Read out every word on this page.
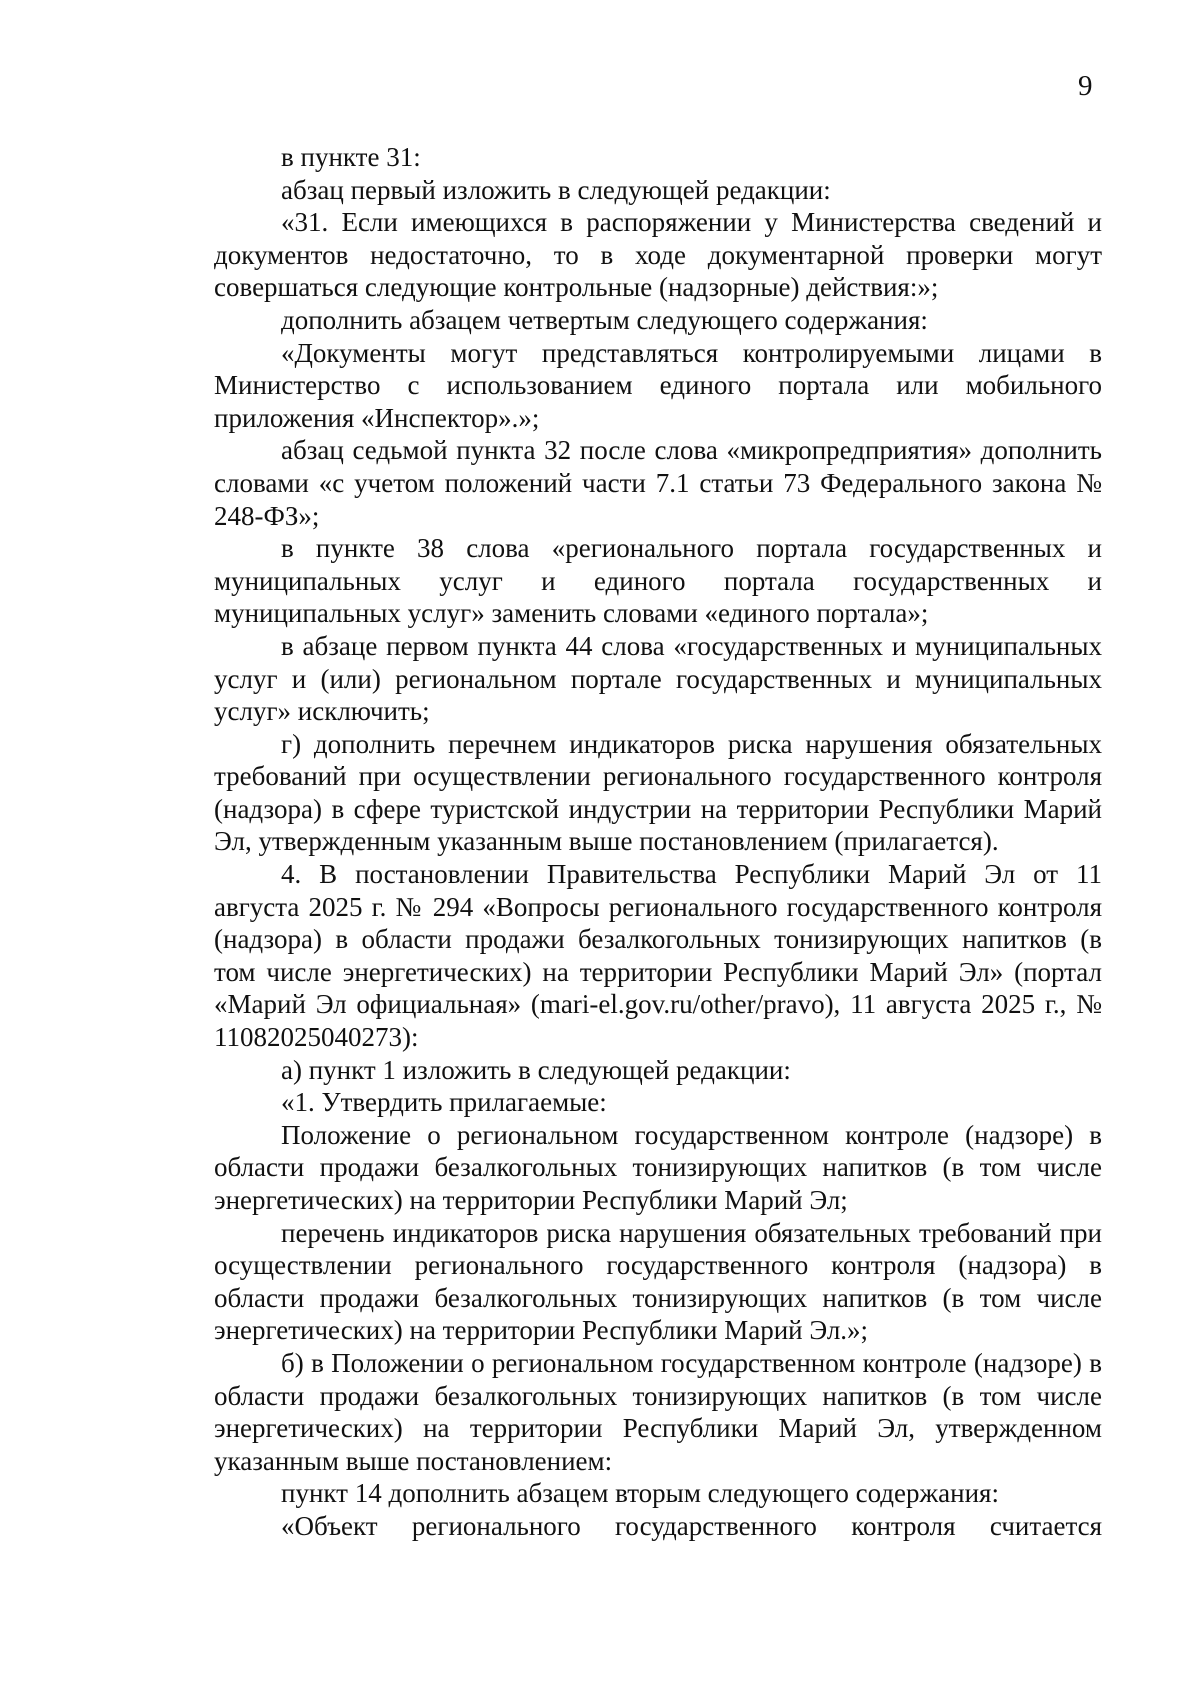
9

в пункте 31:

абзац первый изложить в следующей редакции:

«31. Если имеющихся в распоряжении у Министерства сведений и документов недостаточно, то в ходе документарной проверки могут совершаться следующие контрольные (надзорные) действия:»;

дополнить абзацем четвертым следующего содержания:

«Документы могут представляться контролируемыми лицами в Министерство с использованием единого портала или мобильного приложения «Инспектор».»;

абзац седьмой пункта 32 после слова «микропредприятия» дополнить словами «с учетом положений части 7.1 статьи 73 Федерального закона № 248-ФЗ»;

в пункте 38 слова «регионального портала государственных и муниципальных услуг и единого портала государственных и муниципальных услуг» заменить словами «единого портала»;

в абзаце первом пункта 44 слова «государственных и муниципальных услуг и (или) региональном портале государственных и муниципальных услуг» исключить;

г) дополнить перечнем индикаторов риска нарушения обязательных требований при осуществлении регионального государственного контроля (надзора) в сфере туристской индустрии на территории Республики Марий Эл, утвержденным указанным выше постановлением (прилагается).

4. В постановлении Правительства Республики Марий Эл от 11 августа 2025 г. № 294 «Вопросы регионального государственного контроля (надзора) в области продажи безалкогольных тонизирующих напитков (в том числе энергетических) на территории Республики Марий Эл» (портал «Марий Эл официальная» (mari-el.gov.ru/other/pravo), 11 августа 2025 г., № 11082025040273):

а) пункт 1 изложить в следующей редакции:

«1. Утвердить прилагаемые:

Положение о региональном государственном контроле (надзоре) в области продажи безалкогольных тонизирующих напитков (в том числе энергетических) на территории Республики Марий Эл;

перечень индикаторов риска нарушения обязательных требований при осуществлении регионального государственного контроля (надзора) в области продажи безалкогольных тонизирующих напитков (в том числе энергетических) на территории Республики Марий Эл.»;

б) в Положении о региональном государственном контроле (надзоре) в области продажи безалкогольных тонизирующих напитков (в том числе энергетических) на территории Республики Марий Эл, утвержденном указанным выше постановлением:

пункт 14 дополнить абзацем вторым следующего содержания:

«Объект регионального государственного контроля считается
